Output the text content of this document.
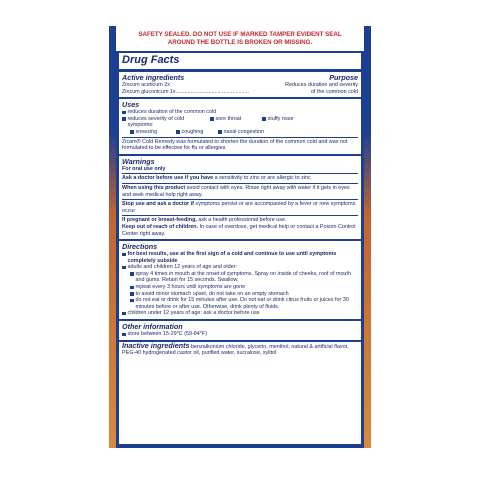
SAFETY SEALED. DO NOT USE IF MARKED TAMPER EVIDENT SEAL
AROUND THE BOTTLE IS BROKEN OR MISSING.
Drug Facts
Active ingredients	Purpose
Zincum aceticum 2x	Reduces duration and severity
Zincum gluconicum 1x.................................................	of the common cold
Uses
reduces duration of the common cold
reduces severity of cold symptoms:
sore throat	stuffy nose
sneezing	coughing	nasal congestion
Zicam® Cold Remedy was formulated to shorten the duration of the common cold and was not formulated to be effective for flu or allergies.
Warnings
For oral use only
Ask a doctor before use if you have a sensitivity to zinc or are allergic to zinc
When using this product avoid contact with eyes. Rinse right away with water if it gets in eyes and seek medical help right away.
Stop use and ask a doctor if symptoms persist or are accompanied by a fever or new symptoms occur
If pregnant or breast-feeding, ask a health professional before use.
Keep out of reach of children. In case of overdose, get medical help or contact a Poison Control Center right away.
Directions
for best results, use at the first sign of a cold and continue to use until symptoms completely subside
adults and children 12 years of age and older:
spray 4 times in mouth at the onset of symptoms. Spray on inside of cheeks, roof of mouth and gums. Retain for 15 seconds. Swallow.
repeat every 3 hours until symptoms are gone
to avoid minor stomach upset, do not take on an empty stomach
do not eat or drink for 15 minutes after use. Do not eat or drink citrus fruits or juices for 30 minutes before or after use. Otherwise, drink plenty of fluids.
children under 12 years of age: ask a doctor before use
Other information
store between 15-29°C (59-84°F)
Inactive ingredients benzalkonium chloride, glycerin, menthol, natural & artificial flavor, PEG-40 hydrogenated castor oil, purified water, sucralose, xylitol
